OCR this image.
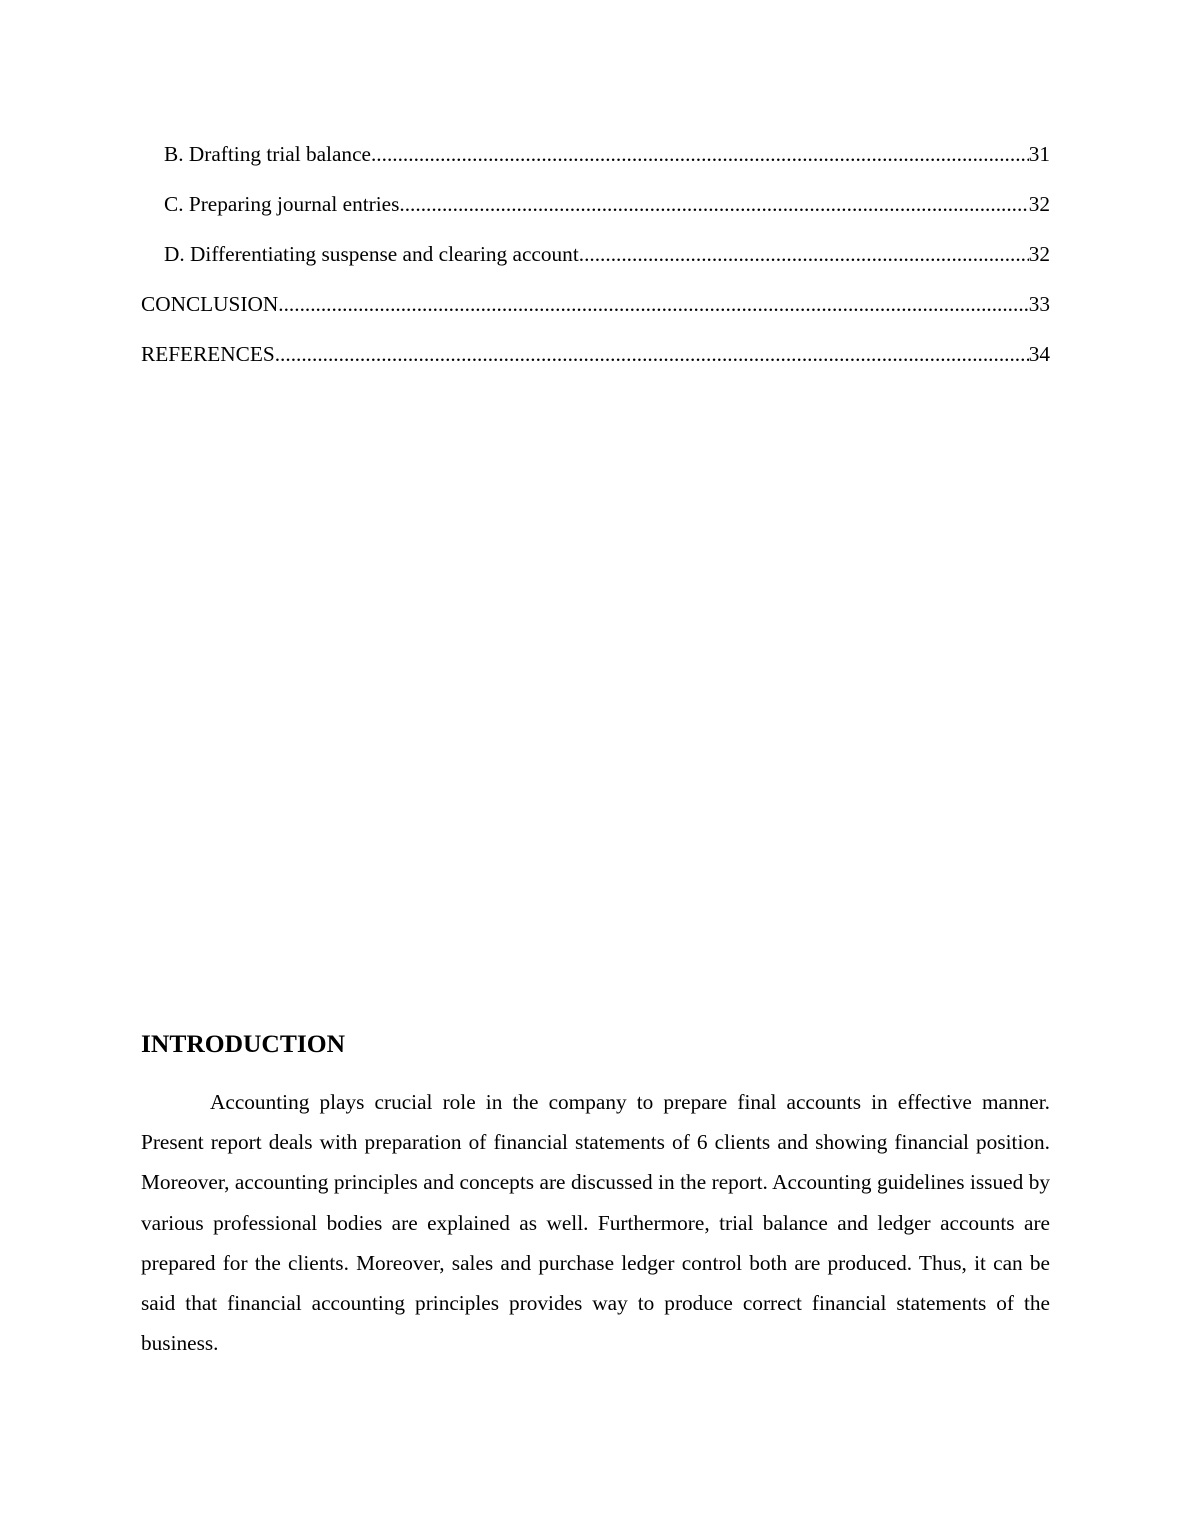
B. Drafting trial balance .....	31
C. Preparing journal entries .....	32
D. Differentiating suspense and clearing account .....	32
CONCLUSION .....	33
REFERENCES .....	34
INTRODUCTION

Accounting plays crucial role in the company to prepare final accounts in effective manner. Present report deals with preparation of financial statements of 6 clients and showing financial position. Moreover, accounting principles and concepts are discussed in the report. Accounting guidelines issued by various professional bodies are explained as well. Furthermore, trial balance and ledger accounts are prepared for the clients. Moreover, sales and purchase ledger control both are produced. Thus, it can be said that financial accounting principles provides way to produce correct financial statements of the business.
